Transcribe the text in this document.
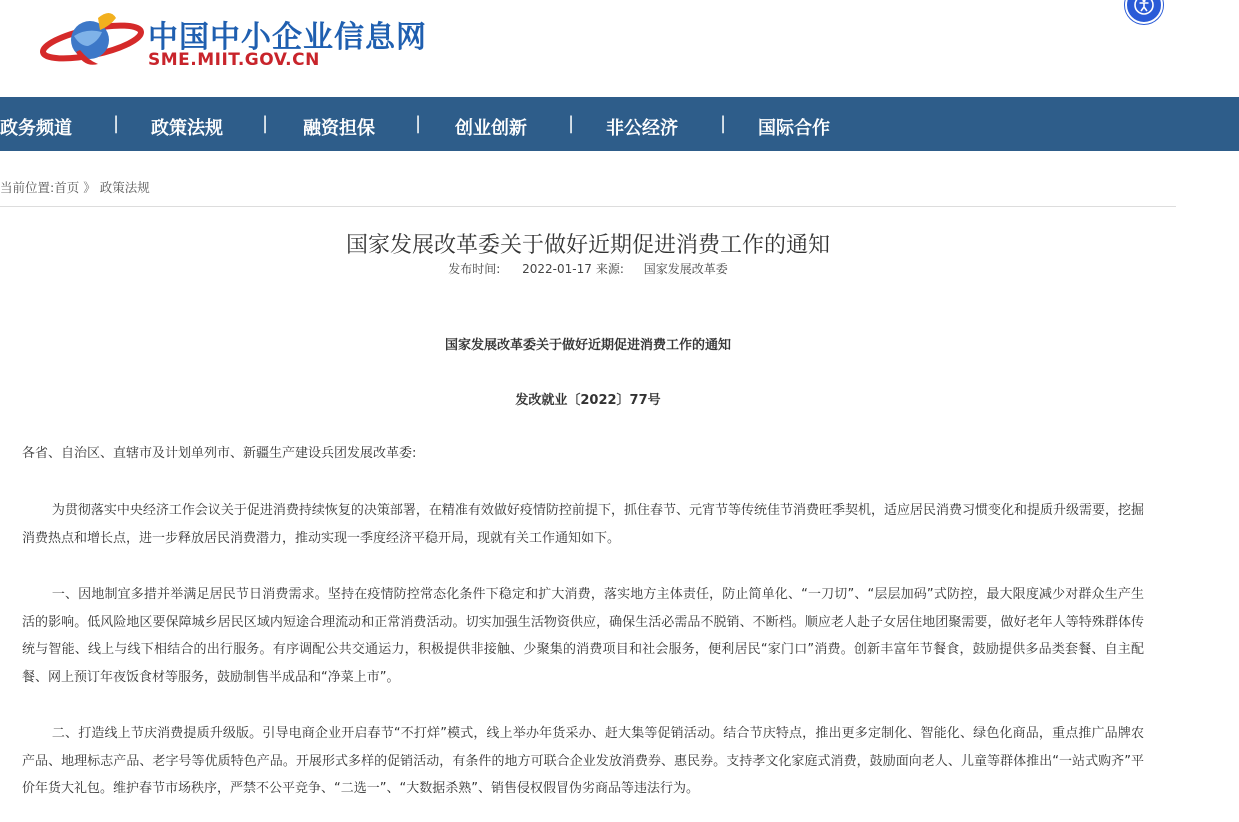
中国中小企业信息网
SME.MIIT.GOV.CN
政务频道 | 政策法规 | 融资担保 | 创业创新 | 非公经济 | 国际合作
当前位置:首页 》 政策法规
国家发展改革委关于做好近期促进消费工作的通知
发布时间: 2022-01-17 来源: 国家发展改革委
国家发展改革委关于做好近期促进消费工作的通知
发改就业〔2022〕77号
各省、自治区、直辖市及计划单列市、新疆生产建设兵团发展改革委:
为贯彻落实中央经济工作会议关于促进消费持续恢复的决策部署，在精准有效做好疫情防控前提下，抓住春节、元宵节等传统佳节消费旺季契机，适应居民消费习惯变化和提质升级需要，挖掘消费热点和增长点，进一步释放居民消费潜力，推动实现一季度经济平稳开局，现就有关工作通知如下。
一、因地制宜多措并举满足居民节日消费需求。坚持在疫情防控常态化条件下稳定和扩大消费，落实地方主体责任，防止简单化、“一刀切”、“层层加码”式防控，最大限度减少对群众生产生活的影响。低风险地区要保障城乡居民区域内短途合理流动和正常消费活动。切实加强生活物资供应，确保生活必需品不脱销、不断档。顺应老人赴子女居住地团聚需要，做好老年人等特殊群体传统与智能、线上与线下相结合的出行服务。有序调配公共交通运力，积极提供非接触、少聚集的消费项目和社会服务，便利居民“家门口”消费。创新丰富年节餐食，鼓励提供多品类套餐、自主配餐、网上预订年夜饭食材等服务，鼓励制售半成品和“净菜上市”。
二、打造线上节庆消费提质升级版。引导电商企业开启春节“不打烊”模式，线上举办年货采办、赶大集等促销活动。结合节庆特点，推出更多定制化、智能化、绿色化商品，重点推广品牌农产品、地理标志产品、老字号等优质特色产品。开展形式多样的促销活动，有条件的地方可联合企业发放消费券、惠民券。支持孝文化家庭式消费，鼓励面向老人、儿童等群体推出“一站式购齐”平价年货大礼包。维护春节市场秩序，严禁不公平竞争、“二选一”、“大数据杀熟”、销售侵权假冒伪劣商品等违法行为。
